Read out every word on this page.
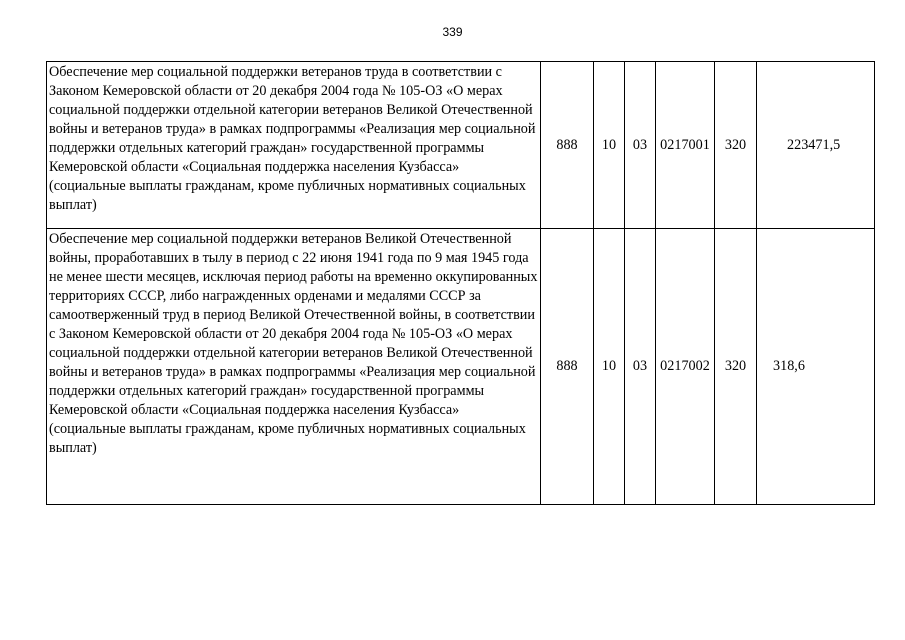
339
Обеспечение мер социальной поддержки ветеранов труда в соответствии с Законом Кемеровской области от 20 декабря 2004 года № 105-ОЗ «О мерах социальной поддержки отдельной категории ветеранов Великой Отечественной войны и ветеранов труда» в рамках подпрограммы «Реализация мер социальной поддержки отдельных категорий граждан» государственной программы Кемеровской области «Социальная поддержка населения Кузбасса» (социальные выплаты гражданам, кроме публичных нормативных социальных выплат)	888	10	03	0217001	320	223471,5
Обеспечение мер социальной поддержки ветеранов Великой Отечественной войны, проработавших в тылу в период с 22 июня 1941 года по 9 мая 1945 года не менее шести месяцев, исключая период работы на временно оккупированных территориях СССР, либо награжденных орденами и медалями СССР за самоотверженный труд в период Великой Отечественной войны, в соответствии с Законом Кемеровской области от 20 декабря 2004 года № 105-ОЗ «О мерах социальной поддержки отдельной категории ветеранов Великой Отечественной войны и ветеранов труда» в рамках подпрограммы «Реализация мер социальной поддержки отдельных категорий граждан» государственной программы Кемеровской области «Социальная поддержка населения Кузбасса» (социальные выплаты гражданам, кроме публичных нормативных социальных выплат)	888	10	03	0217002	320	318,6
